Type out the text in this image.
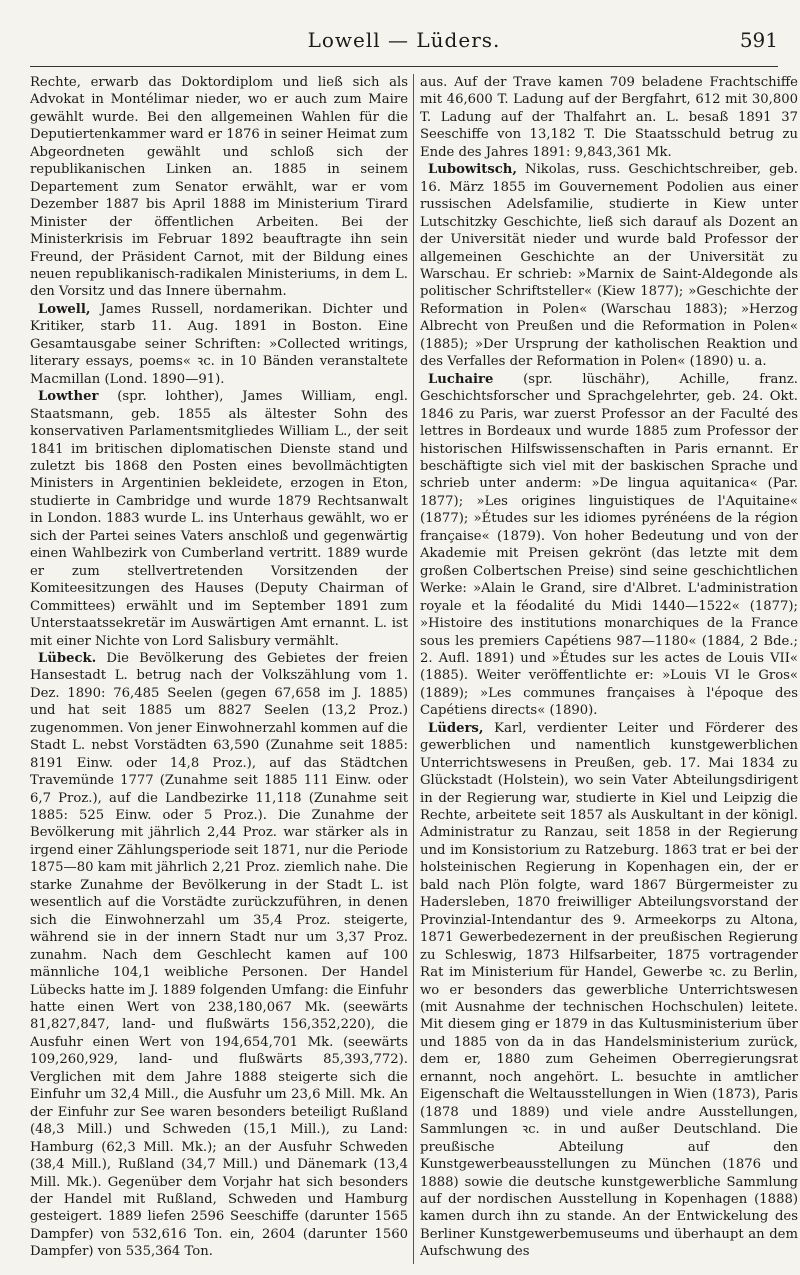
Lowell — Lüders.	591

Rechte, erwarb das Doktordiplom und ließ sich als Advokat in Montélimar nieder, wo er auch zum Maire gewählt wurde. Bei den allgemeinen Wahlen für die Deputiertenkammer ward er 1876 in seiner Heimat zum Abgeordneten gewählt und schloß sich der republikanischen Linken an. 1885 in seinem Departement zum Senator erwählt, war er vom Dezember 1887 bis April 1888 im Ministerium Tirard Minister der öffentlichen Arbeiten. Bei der Ministerkrisis im Februar 1892 beauftragte ihn sein Freund, der Präsident Carnot, mit der Bildung eines neuen republikanisch-radikalen Ministeriums, in dem L. den Vorsitz und das Innere übernahm.

Lowell, James Russell, nordamerikan. Dichter und Kritiker, starb 11. Aug. 1891 in Boston. Eine Gesamtausgabe seiner Schriften: »Collected writings, literary essays, poems« ꝛc. in 10 Bänden veranstaltete Macmillan (Lond. 1890—91).

Lowther (spr. lohther), James William, engl. Staatsmann, geb. 1855 als ältester Sohn des konservativen Parlamentsmitgliedes William L., der seit 1841 im britischen diplomatischen Dienste stand und zuletzt bis 1868 den Posten eines bevollmächtigten Ministers in Argentinien bekleidete, erzogen in Eton, studierte in Cambridge und wurde 1879 Rechtsanwalt in London. 1883 wurde L. ins Unterhaus gewählt, wo er sich der Partei seines Vaters anschloß und gegenwärtig einen Wahlbezirk von Cumberland vertritt. 1889 wurde er zum stellvertretenden Vorsitzenden der Komiteesitzungen des Hauses (Deputy Chairman of Committees) erwählt und im September 1891 zum Unterstaatssekretär im Auswärtigen Amt ernannt. L. ist mit einer Nichte von Lord Salisbury vermählt.

Lübeck. Die Bevölkerung des Gebietes der freien Hansestadt L. betrug nach der Volkszählung vom 1. Dez. 1890: 76,485 Seelen (gegen 67,658 im J. 1885) und hat seit 1885 um 8827 Seelen (13,2 Proz.) zugenommen. Von jener Einwohnerzahl kommen auf die Stadt L. nebst Vorstädten 63,590 (Zunahme seit 1885: 8191 Einw. oder 14,8 Proz.), auf das Städtchen Travemünde 1777 (Zunahme seit 1885 111 Einw. oder 6,7 Proz.), auf die Landbezirke 11,118 (Zunahme seit 1885: 525 Einw. oder 5 Proz.). Die Zunahme der Bevölkerung mit jährlich 2,44 Proz. war stärker als in irgend einer Zählungsperiode seit 1871, nur die Periode 1875—80 kam mit jährlich 2,21 Proz. ziemlich nahe. Die starke Zunahme der Bevölkerung in der Stadt L. ist wesentlich auf die Vorstädte zurückzuführen, in denen sich die Einwohnerzahl um 35,4 Proz. steigerte, während sie in der innern Stadt nur um 3,37 Proz. zunahm. Nach dem Geschlecht kamen auf 100 männliche 104,1 weibliche Personen. Der Handel Lübecks hatte im J. 1889 folgenden Umfang: die Einfuhr hatte einen Wert von 238,180,067 Mk. (seewärts 81,827,847, land- und flußwärts 156,352,220), die Ausfuhr einen Wert von 194,654,701 Mk. (seewärts 109,260,929, land- und flußwärts 85,393,772). Verglichen mit dem Jahre 1888 steigerte sich die Einfuhr um 32,4 Mill., die Ausfuhr um 23,6 Mill. Mk. An der Einfuhr zur See waren besonders beteiligt Rußland (48,3 Mill.) und Schweden (15,1 Mill.), zu Land: Hamburg (62,3 Mill. Mk.); an der Ausfuhr Schweden (38,4 Mill.), Rußland (34,7 Mill.) und Dänemark (13,4 Mill. Mk.). Gegenüber dem Vorjahr hat sich besonders der Handel mit Rußland, Schweden und Hamburg gesteigert. 1889 liefen 2596 Seeschiffe (darunter 1565 Dampfer) von 532,616 Ton. ein, 2604 (darunter 1560 Dampfer) von 535,364 Ton.

aus. Auf der Trave kamen 709 beladene Frachtschiffe mit 46,600 T. Ladung auf der Bergfahrt, 612 mit 30,800 T. Ladung auf der Thalfahrt an. L. besaß 1891 37 Seeschiffe von 13,182 T. Die Staatsschuld betrug zu Ende des Jahres 1891: 9,843,361 Mk.

Lubowitsch, Nikolas, russ. Geschichtschreiber, geb. 16. März 1855 im Gouvernement Podolien aus einer russischen Adelsfamilie, studierte in Kiew unter Lutschitzky Geschichte, ließ sich darauf als Dozent an der Universität nieder und wurde bald Professor der allgemeinen Geschichte an der Universität zu Warschau. Er schrieb: »Marnix de Saint-Aldegonde als politischer Schriftsteller« (Kiew 1877); »Geschichte der Reformation in Polen« (Warschau 1883); »Herzog Albrecht von Preußen und die Reformation in Polen« (1885); »Der Ursprung der katholischen Reaktion und des Verfalles der Reformation in Polen« (1890) u. a.

Luchaire (spr. lüschähr), Achille, franz. Geschichtsforscher und Sprachgelehrter, geb. 24. Okt. 1846 zu Paris, war zuerst Professor an der Faculté des lettres in Bordeaux und wurde 1885 zum Professor der historischen Hilfswissenschaften in Paris ernannt. Er beschäftigte sich viel mit der baskischen Sprache und schrieb unter anderm: »De lingua aquitanica« (Par. 1877); »Les origines linguistiques de l'Aquitaine« (1877); »Études sur les idiomes pyrénéens de la région française« (1879). Von hoher Bedeutung und von der Akademie mit Preisen gekrönt (das letzte mit dem großen Colbertschen Preise) sind seine geschichtlichen Werke: »Alain le Grand, sire d'Albret. L'administration royale et la féodalité du Midi 1440—1522« (1877); »Histoire des institutions monarchiques de la France sous les premiers Capétiens 987—1180« (1884, 2 Bde.; 2. Aufl. 1891) und »Études sur les actes de Louis VII« (1885). Weiter veröffentlichte er: »Louis VI le Gros« (1889); »Les communes françaises à l'époque des Capétiens directs« (1890).

Lüders, Karl, verdienter Leiter und Förderer des gewerblichen und namentlich kunstgewerblichen Unterrichtswesens in Preußen, geb. 17. Mai 1834 zu Glückstadt (Holstein), wo sein Vater Abteilungsdirigent in der Regierung war, studierte in Kiel und Leipzig die Rechte, arbeitete seit 1857 als Auskultant in der königl. Administratur zu Ranzau, seit 1858 in der Regierung und im Konsistorium zu Ratzeburg. 1863 trat er bei der holsteinischen Regierung in Kopenhagen ein, der er bald nach Plön folgte, ward 1867 Bürgermeister zu Hadersleben, 1870 freiwilliger Abteilungsvorstand der Provinzial-Intendantur des 9. Armeekorps zu Altona, 1871 Gewerbedezernent in der preußischen Regierung zu Schleswig, 1873 Hilfsarbeiter, 1875 vortragender Rat im Ministerium für Handel, Gewerbe ꝛc. zu Berlin, wo er besonders das gewerbliche Unterrichtswesen (mit Ausnahme der technischen Hochschulen) leitete. Mit diesem ging er 1879 in das Kultusministerium über und 1885 von da in das Handelsministerium zurück, dem er, 1880 zum Geheimen Oberregierungsrat ernannt, noch angehört. L. besuchte in amtlicher Eigenschaft die Weltausstellungen in Wien (1873), Paris (1878 und 1889) und viele andre Ausstellungen, Sammlungen ꝛc. in und außer Deutschland. Die preußische Abteilung auf den Kunstgewerbeausstellungen zu München (1876 und 1888) sowie die deutsche kunstgewerbliche Sammlung auf der nordischen Ausstellung in Kopenhagen (1888) kamen durch ihn zu stande. An der Entwickelung des Berliner Kunstgewerbemuseums und überhaupt an dem Aufschwung des
